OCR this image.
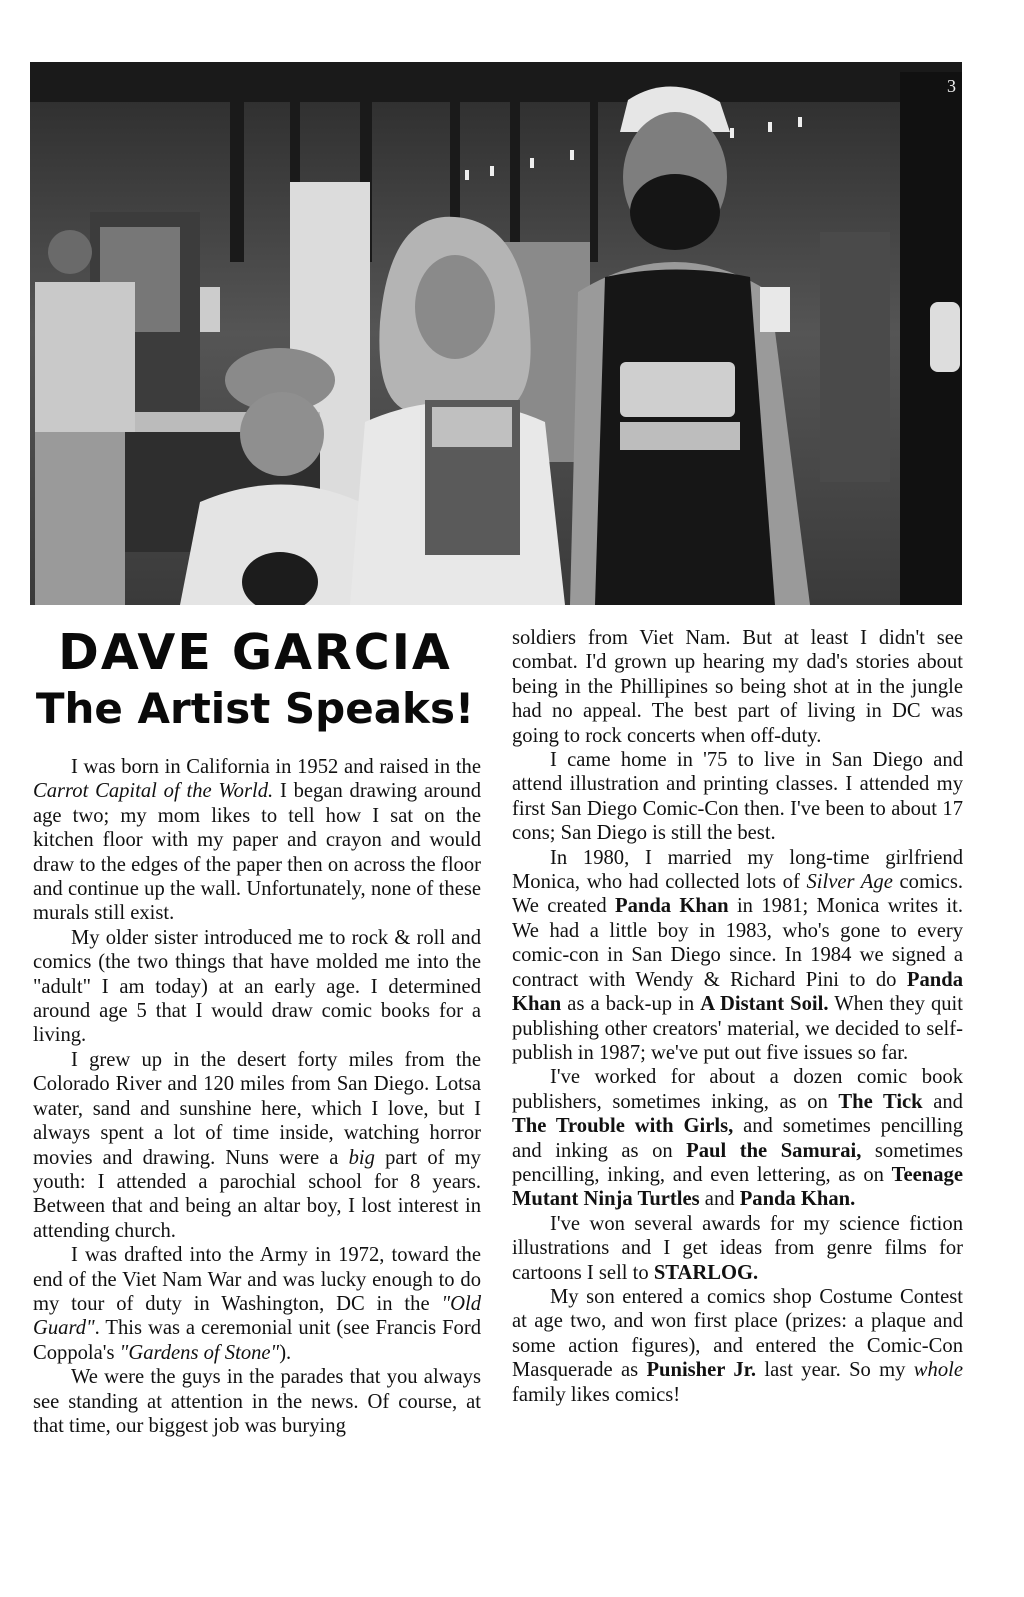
3
DAVE GARCIA
The Artist Speaks!

I was born in California in 1952 and raised in the Carrot Capital of the World. I began drawing around age two; my mom likes to tell how I sat on the kitchen floor with my paper and crayon and would draw to the edges of the paper then on across the floor and continue up the wall. Unfortunately, none of these murals still exist.

My older sister introduced me to rock & roll and comics (the two things that have molded me into the "adult" I am today) at an early age. I determined around age 5 that I would draw comic books for a living.

I grew up in the desert forty miles from the Colorado River and 120 miles from San Diego. Lotsa water, sand and sunshine here, which I love, but I always spent a lot of time inside, watching horror movies and drawing. Nuns were a big part of my youth: I attended a parochial school for 8 years. Between that and being an altar boy, I lost interest in attending church.

I was drafted into the Army in 1972, toward the end of the Viet Nam War and was lucky enough to do my tour of duty in Washington, DC in the "Old Guard". This was a ceremonial unit (see Francis Ford Coppola's "Gardens of Stone").

We were the guys in the parades that you always see standing at attention in the news. Of course, at that time, our biggest job was burying

soldiers from Viet Nam. But at least I didn't see combat. I'd grown up hearing my dad's stories about being in the Phillipines so being shot at in the jungle had no appeal. The best part of living in DC was going to rock concerts when off-duty.

I came home in '75 to live in San Diego and attend illustration and printing classes. I attended my first San Diego Comic-Con then. I've been to about 17 cons; San Diego is still the best.

In 1980, I married my long-time girlfriend Monica, who had collected lots of Silver Age comics. We created Panda Khan in 1981; Monica writes it. We had a little boy in 1983, who's gone to every comic-con in San Diego since. In 1984 we signed a contract with Wendy & Richard Pini to do Panda Khan as a back-up in A Distant Soil. When they quit publishing other creators' material, we decided to self-publish in 1987; we've put out five issues so far.

I've worked for about a dozen comic book publishers, sometimes inking, as on The Tick and The Trouble with Girls, and sometimes pencilling and inking as on Paul the Samurai, sometimes pencilling, inking, and even lettering, as on Teenage Mutant Ninja Turtles and Panda Khan.

I've won several awards for my science fiction illustrations and I get ideas from genre films for cartoons I sell to STARLOG.

My son entered a comics shop Costume Contest at age two, and won first place (prizes: a plaque and some action figures), and entered the Comic-Con Masquerade as Punisher Jr. last year. So my whole family likes comics!
